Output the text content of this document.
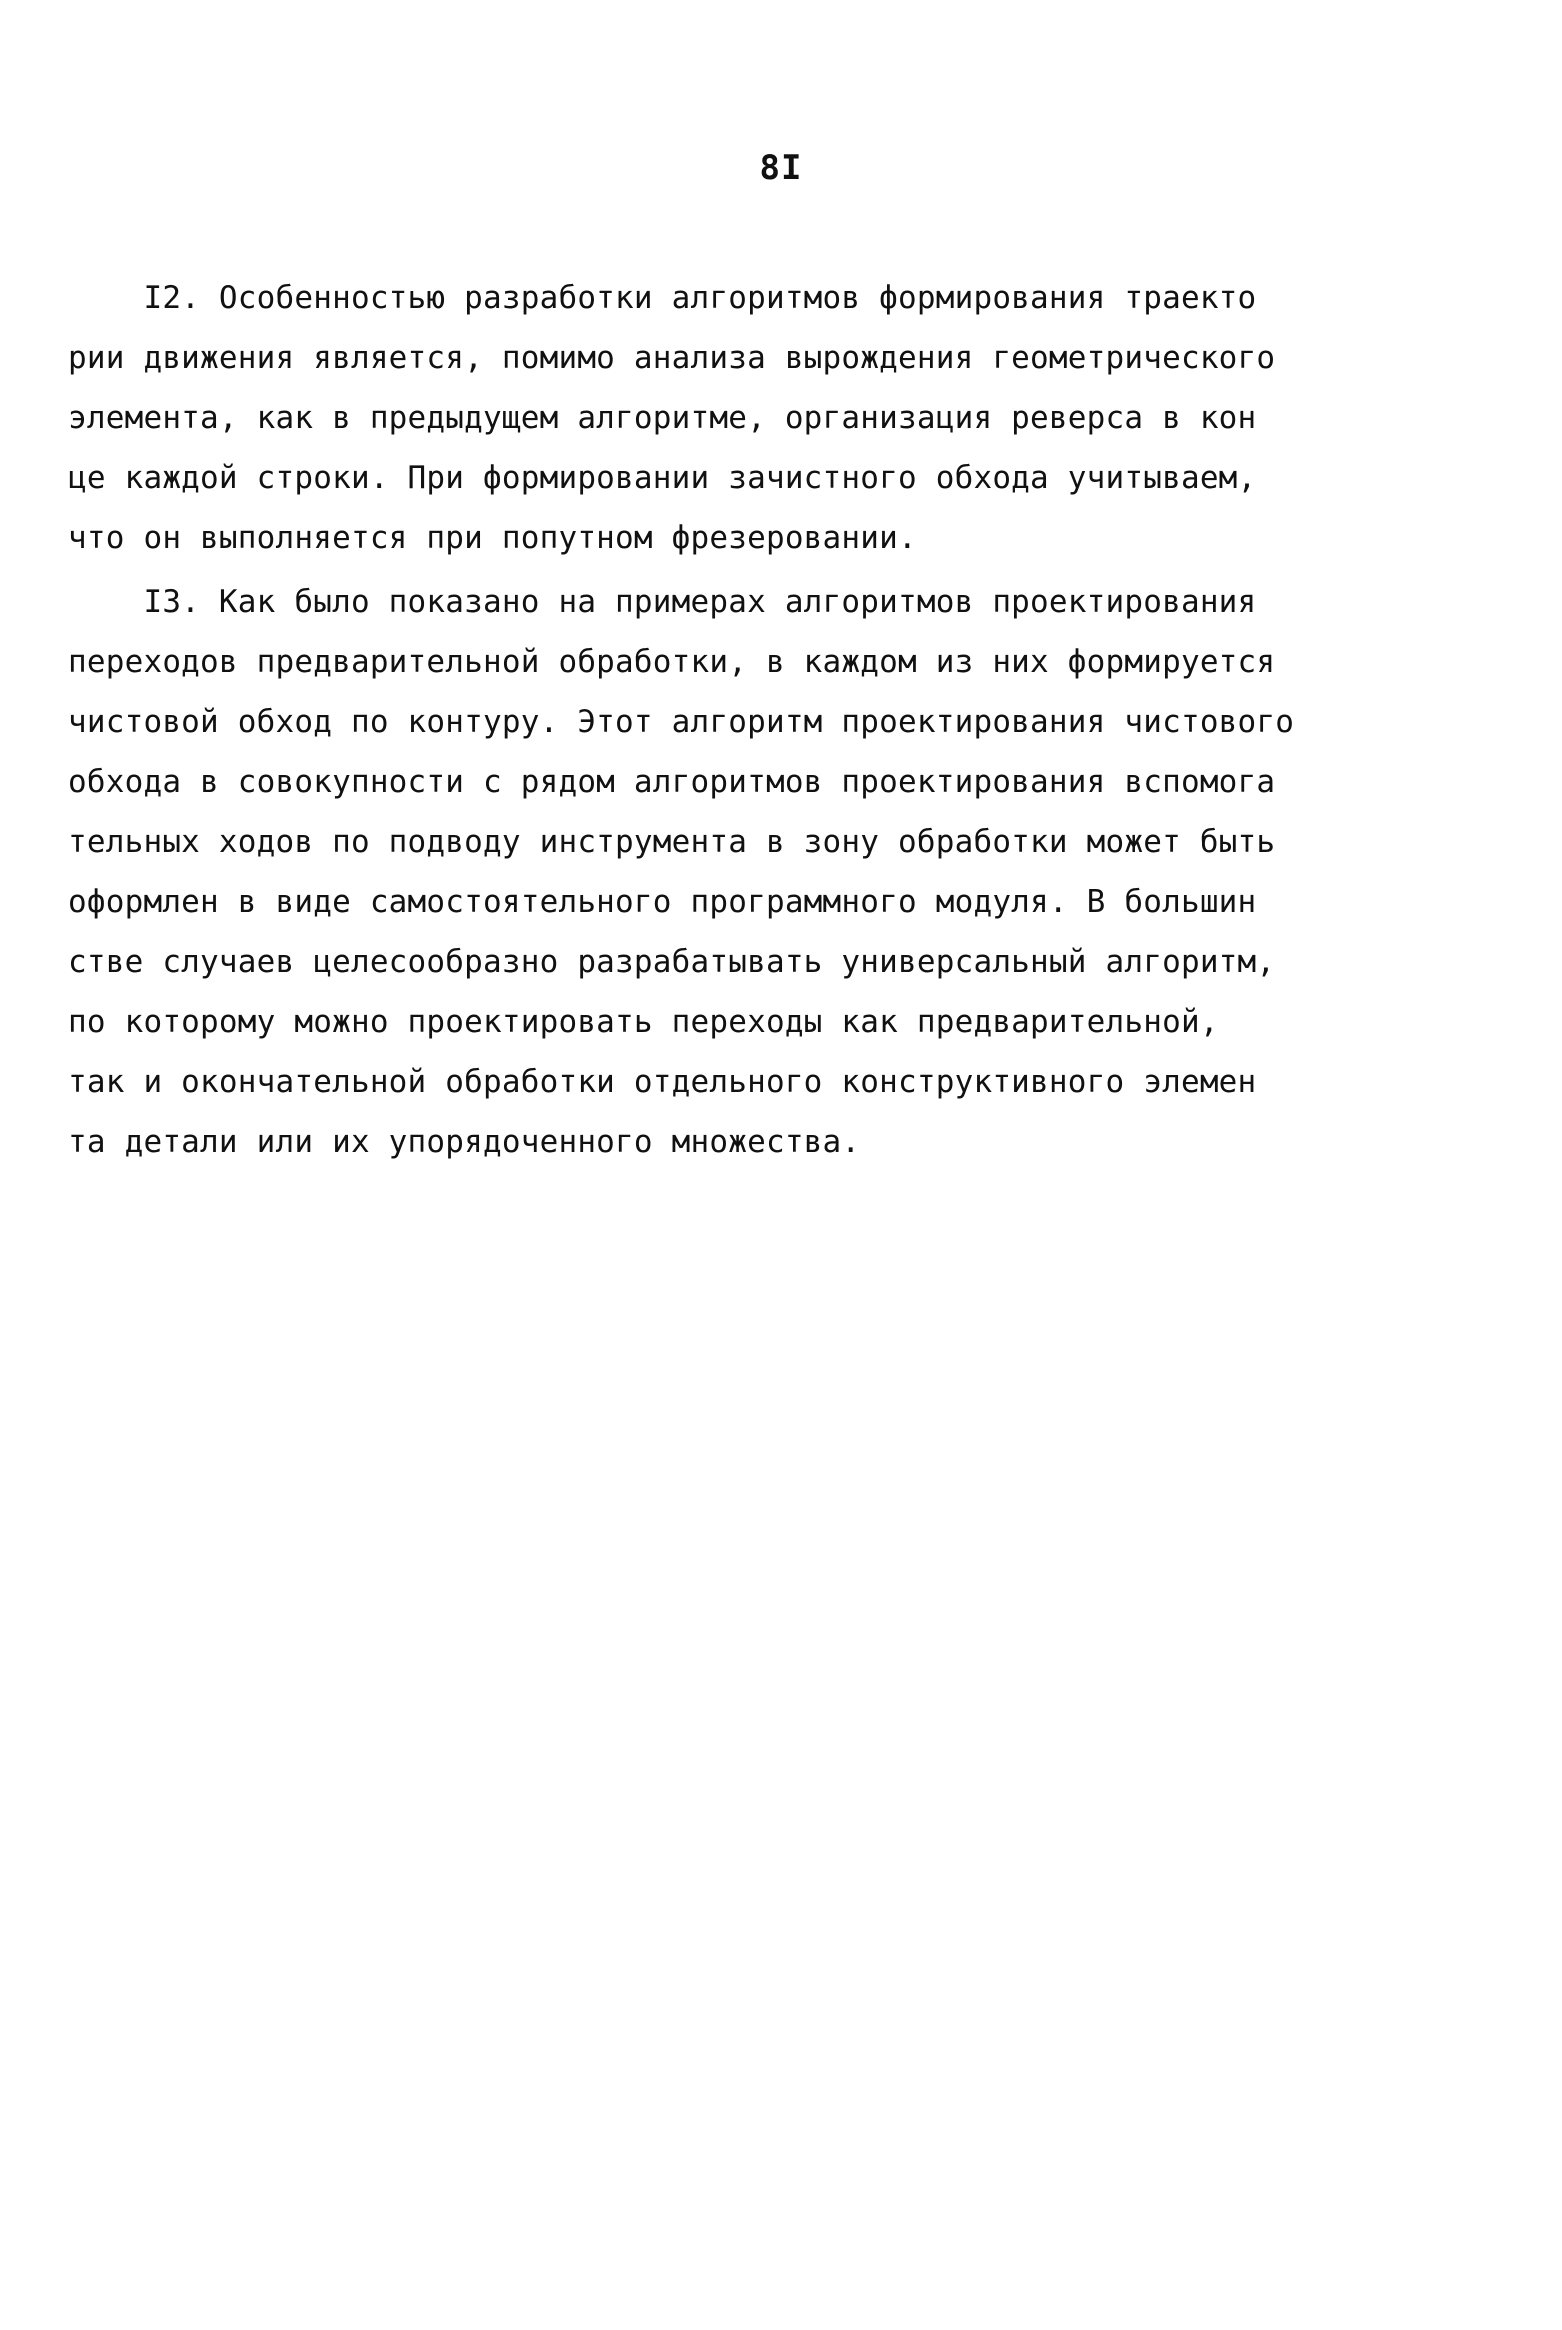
8I
I2. Особенностью разработки алгоритмов формирования траекто
рии движения является, помимо анализа вырождения геометрического
элемента, как в предыдущем алгоритме, организация реверса в кон
це каждой строки. При формировании зачистного обхода учитываем,
что он выполняется при попутном фрезеровании.
I3. Как было показано на примерах алгоритмов проектирования
переходов предварительной обработки, в каждом из них формируется
чистовой обход по контуру. Этот алгоритм проектирования чистового
обхода в совокупности с рядом алгоритмов проектирования вспомога
тельных ходов по подводу инструмента в зону обработки может быть
оформлен в виде самостоятельного программного модуля. В большин
стве случаев целесообразно разрабатывать универсальный алгоритм,
по которому можно проектировать переходы как предварительной,
так и окончательной обработки отдельного конструктивного элемен
та детали или их упорядоченного множества.
